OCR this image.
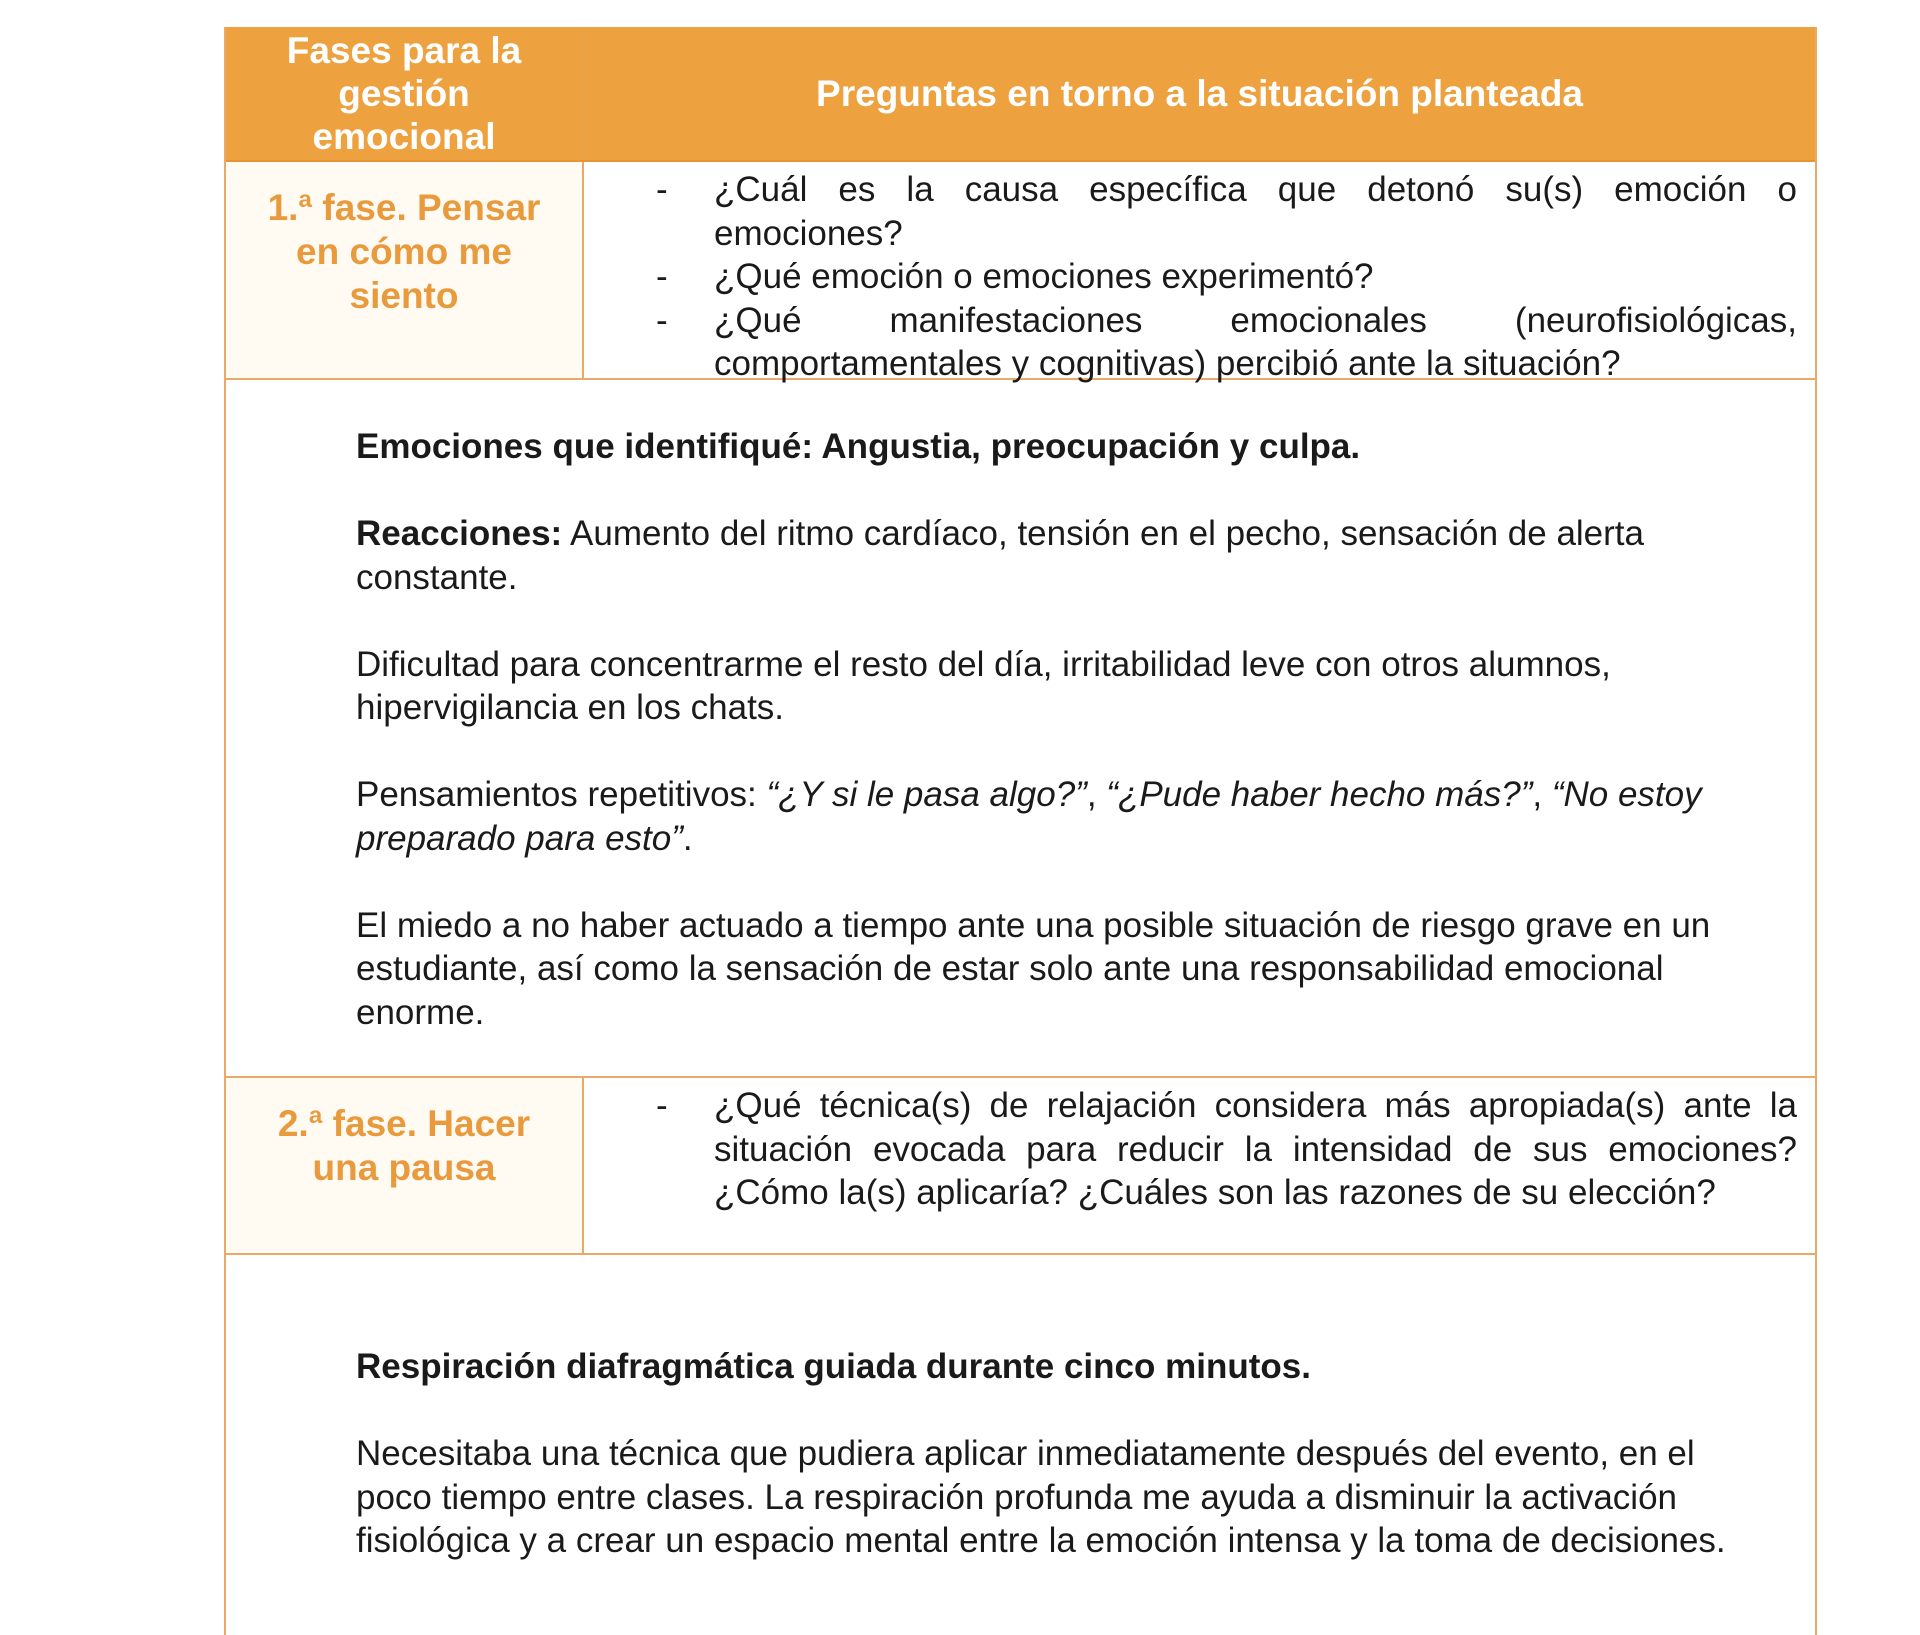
Fases para la gestión emocional
Preguntas en torno a la situación planteada
1.ª fase. Pensar en cómo me siento
- ¿Cuál es la causa específica que detonó su(s) emoción o emociones?
- ¿Qué emoción o emociones experimentó?
- ¿Qué manifestaciones emocionales (neurofisiológicas, comportamentales y cognitivas) percibió ante la situación?

Emociones que identifiqué: Angustia, preocupación y culpa.

Reacciones: Aumento del ritmo cardíaco, tensión en el pecho, sensación de alerta constante.

Dificultad para concentrarme el resto del día, irritabilidad leve con otros alumnos, hipervigilancia en los chats.

Pensamientos repetitivos: “¿Y si le pasa algo?”, “¿Pude haber hecho más?”, “No estoy preparado para esto”.

El miedo a no haber actuado a tiempo ante una posible situación de riesgo grave en un estudiante, así como la sensación de estar solo ante una responsabilidad emocional enorme.

2.ª fase. Hacer una pausa
- ¿Qué técnica(s) de relajación considera más apropiada(s) ante la situación evocada para reducir la intensidad de sus emociones? ¿Cómo la(s) aplicaría? ¿Cuáles son las razones de su elección?

Respiración diafragmática guiada durante cinco minutos.

Necesitaba una técnica que pudiera aplicar inmediatamente después del evento, en el poco tiempo entre clases. La respiración profunda me ayuda a disminuir la activación fisiológica y a crear un espacio mental entre la emoción intensa y la toma de decisiones.
